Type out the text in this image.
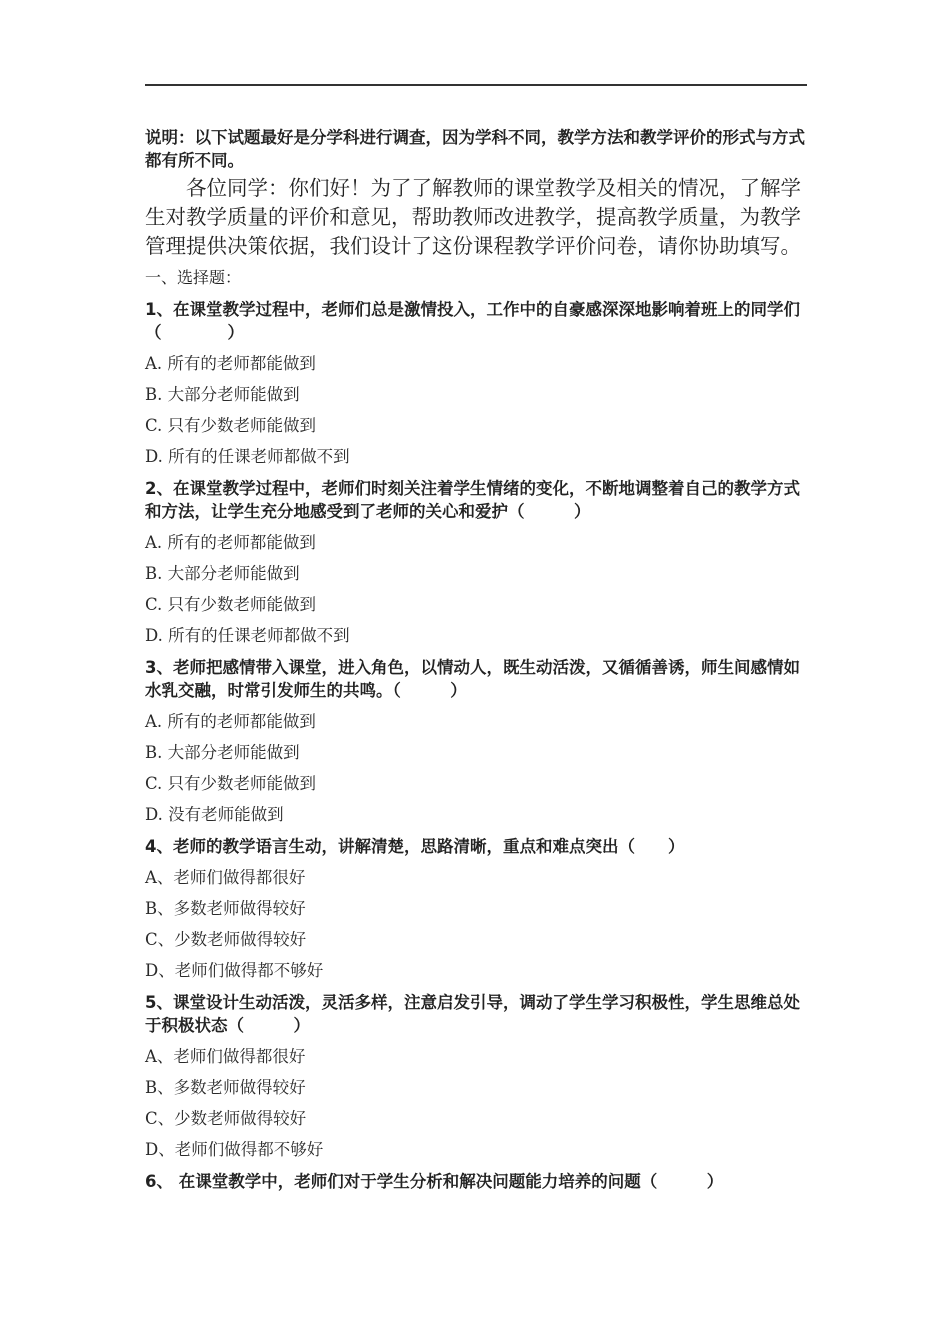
说明：以下试题最好是分学科进行调查，因为学科不同，教学方法和教学评价的形式与方式都有所不同。

各位同学：你们好！为了了解教师的课堂教学及相关的情况，了解学生对教学质量的评价和意见，帮助教师改进教学，提高教学质量，为教学管理提供决策依据，我们设计了这份课程教学评价问卷，请你协助填写。

一、选择题：

1、在课堂教学过程中，老师们总是激情投入，工作中的自豪感深深地影响着班上的同学们（　　　　）

A. 所有的老师都能做到

B. 大部分老师能做到

C. 只有少数老师能做到

D. 所有的任课老师都做不到

2、在课堂教学过程中，老师们时刻关注着学生情绪的变化，不断地调整着自己的教学方式和方法，让学生充分地感受到了老师的关心和爱护（　　　）

A. 所有的老师都能做到

B. 大部分老师能做到

C. 只有少数老师能做到

D. 所有的任课老师都做不到

3、老师把感情带入课堂，进入角色，以情动人，既生动活泼，又循循善诱，师生间感情如水乳交融，时常引发师生的共鸣。（　　　）

A. 所有的老师都能做到

B. 大部分老师能做到

C. 只有少数老师能做到

D. 没有老师能做到

4、老师的教学语言生动，讲解清楚，思路清晰，重点和难点突出（　　）

A、老师们做得都很好

B、多数老师做得较好

C、少数老师做得较好

D、老师们做得都不够好

5、课堂设计生动活泼，灵活多样，注意启发引导，调动了学生学习积极性，学生思维总处于积极状态（　　　）

A、老师们做得都很好

B、多数老师做得较好

C、少数老师做得较好

D、老师们做得都不够好

6、 在课堂教学中，老师们对于学生分析和解决问题能力培养的问题（　　　）
